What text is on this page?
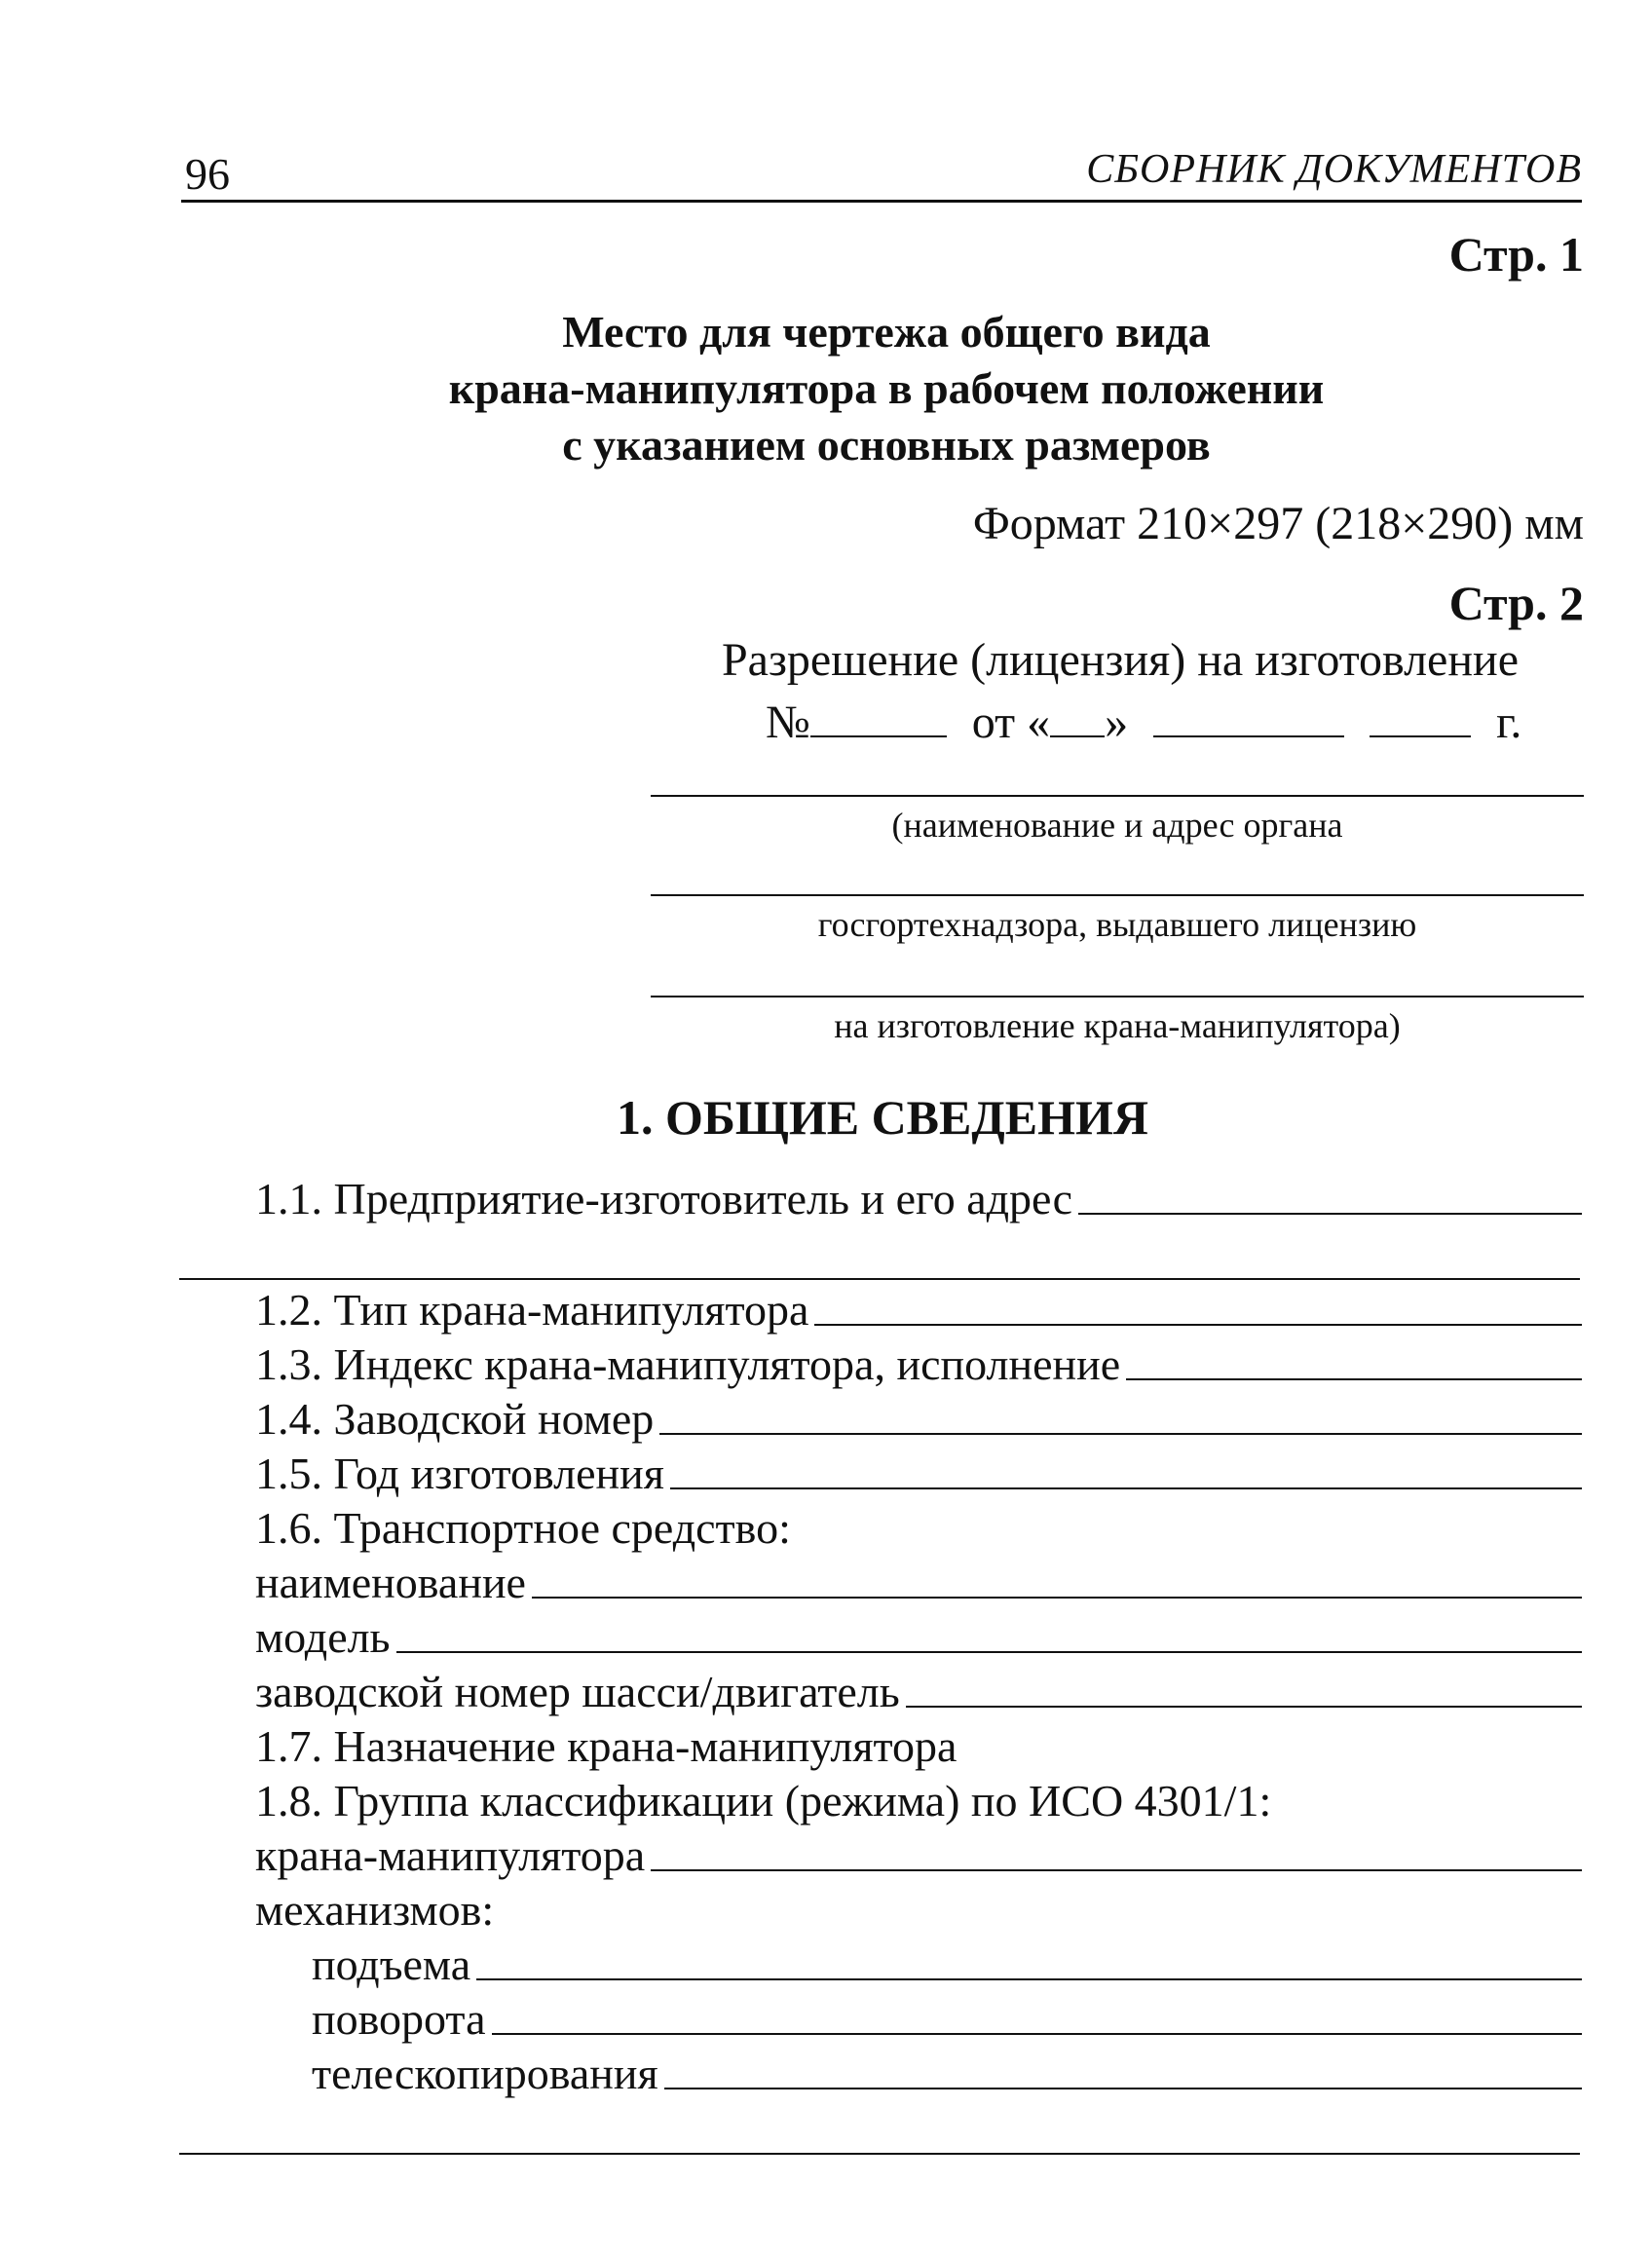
96	СБОРНИК ДОКУМЕНТОВ
Стр. 1
Место для чертежа общего вида
крана-манипулятора в рабочем положении
с указанием основных размеров
Формат 210×297 (218×290) мм
Стр. 2
Разрешение (лицензия) на изготовление
№	от « »	г.
(наименование и адрес органа
госгортехнадзора, выдавшего лицензию
на изготовление крана-манипулятора)
1. ОБЩИЕ СВЕДЕНИЯ
1.1. Предприятие-изготовитель и его адрес
1.2. Тип крана-манипулятора
1.3. Индекс крана-манипулятора, исполнение
1.4. Заводской номер
1.5. Год изготовления
1.6. Транспортное средство:
наименование
модель
заводской номер шасси/двигатель
1.7. Назначение крана-манипулятора
1.8. Группа классификации (режима) по ИСО 4301/1:
крана-манипулятора
механизмов:
подъема
поворота
телескопирования
